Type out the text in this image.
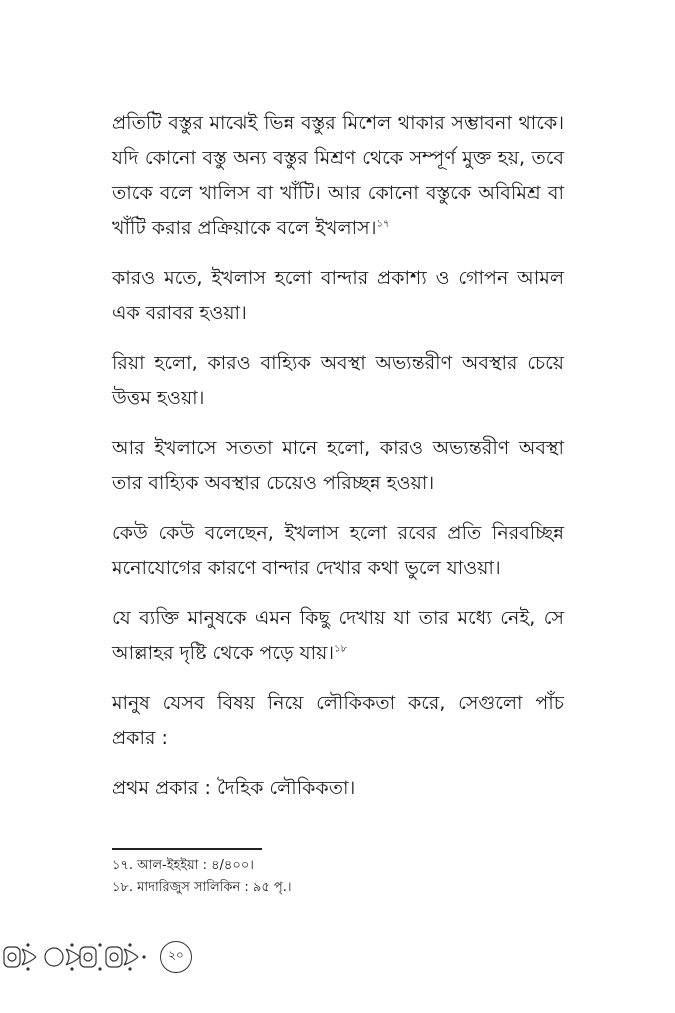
প্রতিটি বস্তুর মাঝেই ভিন্ন বস্তুর মিশেল থাকার সম্ভাবনা থাকে। যদি কোনো বস্তু অন্য বস্তুর মিশ্রণ থেকে সম্পূর্ণ মুক্ত হয়, তবে তাকে বলে খালিস বা খাঁটি। আর কোনো বস্তুকে অবিমিশ্র বা খাঁটি করার প্রক্রিয়াকে বলে ইখলাস।$^{১৭}$

কারও মতে, ইখলাস হলো বান্দার প্রকাশ্য ও গোপন আমল এক বরাবর হওয়া।

রিয়া হলো, কারও বাহ্যিক অবস্থা অভ্যন্তরীণ অবস্থার চেয়ে উত্তম হওয়া।

আর ইখলাসে সততা মানে হলো, কারও অভ্যন্তরীণ অবস্থা তার বাহ্যিক অবস্থার চেয়েও পরিচ্ছন্ন হওয়া।

কেউ কেউ বলেছেন, ইখলাস হলো রবের প্রতি নিরবচ্ছিন্ন মনোযোগের কারণে বান্দার দেখার কথা ভুলে যাওয়া।

যে ব্যক্তি মানুষকে এমন কিছু দেখায় যা তার মধ্যে নেই, সে আল্লাহর দৃষ্টি থেকে পড়ে যায়।$^{১৮}$

মানুষ যেসব বিষয় নিয়ে লৌকিকতা করে, সেগুলো পাঁচ প্রকার :

প্রথম প্রকার : দৈহিক লৌকিকতা।

১৭. আল-ইহইয়া : ৪/৪০০।

১৮. মাদারিজুস সালিকিন : ৯৫ পৃ.।

২০
